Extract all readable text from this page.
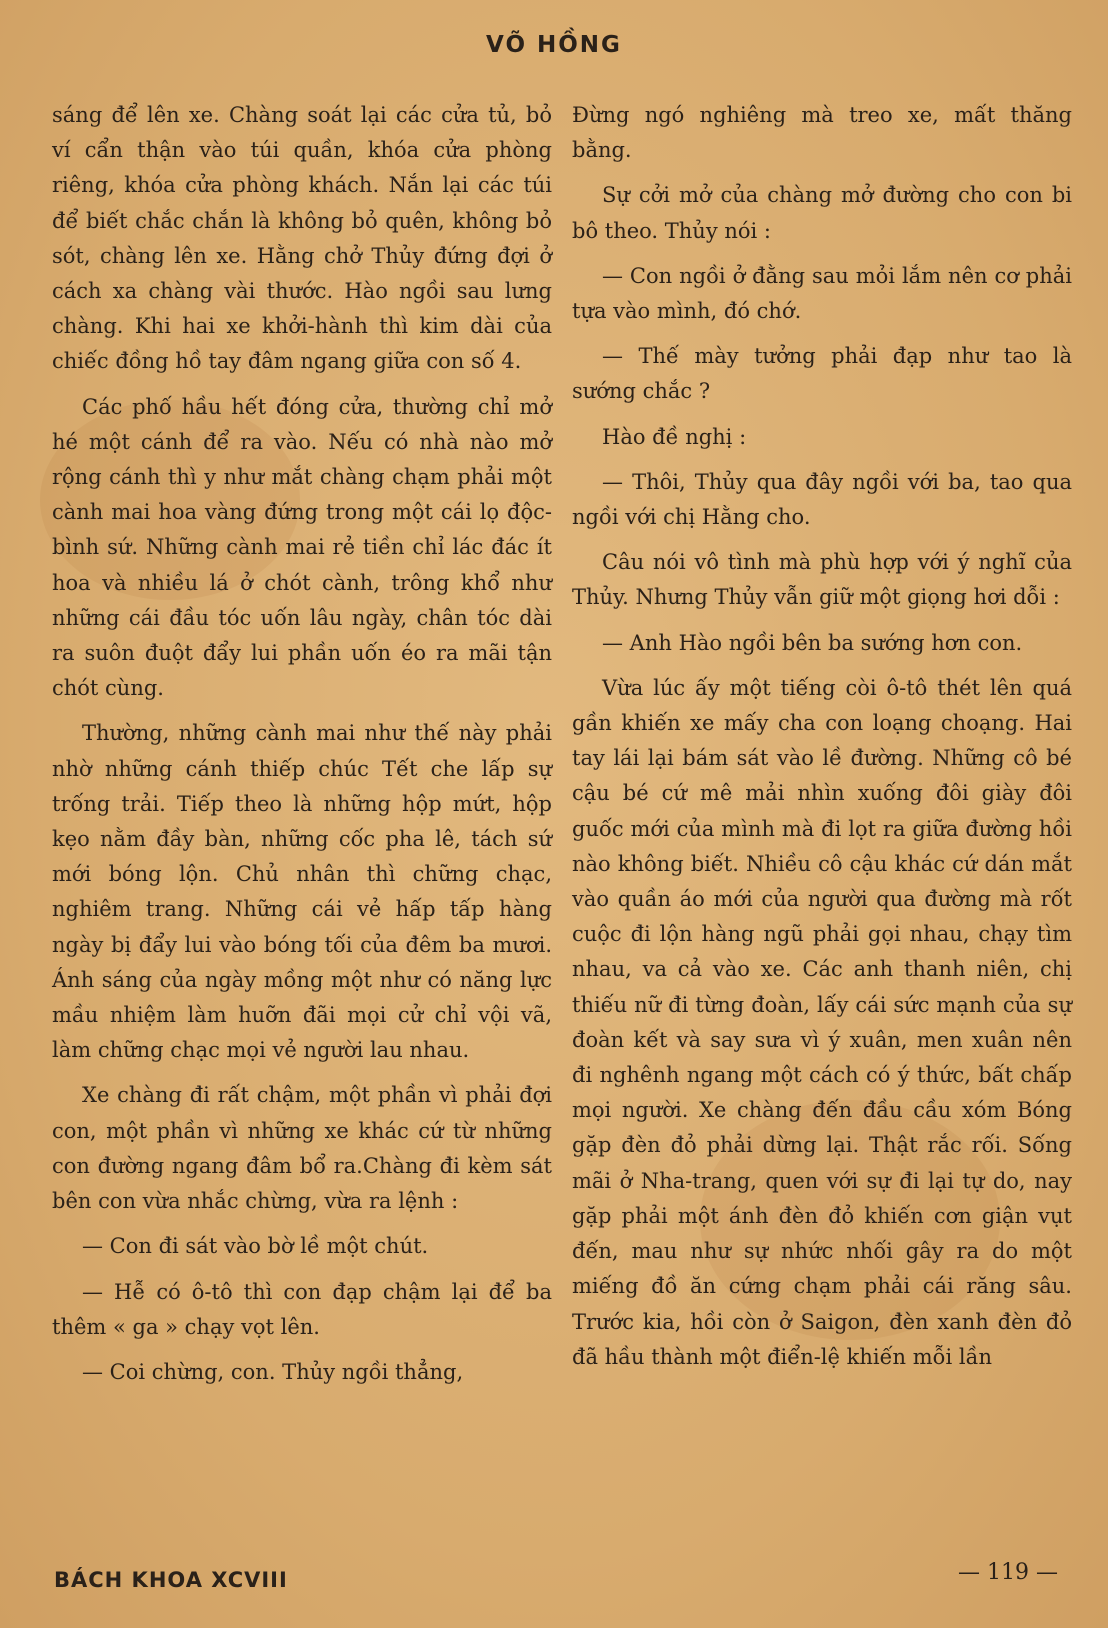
VÕ HỒNG

sáng để lên xe. Chàng soát lại các cửa tủ, bỏ ví cẩn thận vào túi quần, khóa cửa phòng riêng, khóa cửa phòng khách. Nắn lại các túi để biết chắc chắn là không bỏ quên, không bỏ sót, chàng lên xe. Hằng chở Thủy đứng đợi ở cách xa chàng vài thước. Hào ngồi sau lưng chàng. Khi hai xe khởi-hành thì kim dài của chiếc đồng hồ tay đâm ngang giữa con số 4.

Các phố hầu hết đóng cửa, thường chỉ mở hé một cánh để ra vào. Nếu có nhà nào mở rộng cánh thì y như mắt chàng chạm phải một cành mai hoa vàng đứng trong một cái lọ độc-bình sứ. Những cành mai rẻ tiền chỉ lác đác ít hoa và nhiều lá ở chót cành, trông khổ như những cái đầu tóc uốn lâu ngày, chân tóc dài ra suôn đuột đẩy lui phần uốn éo ra mãi tận chót cùng.

Thường, những cành mai như thế này phải nhờ những cánh thiếp chúc Tết che lấp sự trống trải. Tiếp theo là những hộp mứt, hộp kẹo nằm đầy bàn, những cốc pha lê, tách sứ mới bóng lộn. Chủ nhân thì chững chạc, nghiêm trang. Những cái vẻ hấp tấp hàng ngày bị đẩy lui vào bóng tối của đêm ba mươi. Ánh sáng của ngày mồng một như có năng lực mầu nhiệm làm huỡn đãi mọi cử chỉ vội vã, làm chững chạc mọi vẻ người lau nhau.

Xe chàng đi rất chậm, một phần vì phải đợi con, một phần vì những xe khác cứ từ những con đường ngang đâm bổ ra.Chàng đi kèm sát bên con vừa nhắc chừng, vừa ra lệnh :

— Con đi sát vào bờ lề một chút.

— Hễ có ô-tô thì con đạp chậm lại để ba thêm « ga » chạy vọt lên.

— Coi chừng, con. Thủy ngồi thẳng,

Đừng ngó nghiêng mà treo xe, mất thăng bằng.

Sự cởi mở của chàng mở đường cho con bi bô theo. Thủy nói :

— Con ngồi ở đằng sau mỏi lắm nên cơ phải tựa vào mình, đó chớ.

— Thế mày tưởng phải đạp như tao là sướng chắc ?

Hào đề nghị :

— Thôi, Thủy qua đây ngồi với ba, tao qua ngồi với chị Hằng cho.

Câu nói vô tình mà phù hợp với ý nghĩ của Thủy. Nhưng Thủy vẫn giữ một giọng hơi dỗi :

— Anh Hào ngồi bên ba sướng hơn con.

Vừa lúc ấy một tiếng còi ô-tô thét lên quá gần khiến xe mấy cha con loạng choạng. Hai tay lái lại bám sát vào lề đường. Những cô bé cậu bé cứ mê mải nhìn xuống đôi giày đôi guốc mới của mình mà đi lọt ra giữa đường hồi nào không biết. Nhiều cô cậu khác cứ dán mắt vào quần áo mới của người qua đường mà rốt cuộc đi lộn hàng ngũ phải gọi nhau, chạy tìm nhau, va cả vào xe. Các anh thanh niên, chị thiếu nữ đi từng đoàn, lấy cái sức mạnh của sự đoàn kết và say sưa vì ý xuân, men xuân nên đi nghênh ngang một cách có ý thức, bất chấp mọi người. Xe chàng đến đầu cầu xóm Bóng gặp đèn đỏ phải dừng lại. Thật rắc rối. Sống mãi ở Nha-trang, quen với sự đi lại tự do, nay gặp phải một ánh đèn đỏ khiến cơn giận vụt đến, mau như sự nhức nhối gây ra do một miếng đồ ăn cứng chạm phải cái răng sâu. Trước kia, hồi còn ở Saigon, đèn xanh đèn đỏ đã hầu thành một điển-lệ khiến mỗi lần

BÁCH KHOA XCVIII	— 119 —
